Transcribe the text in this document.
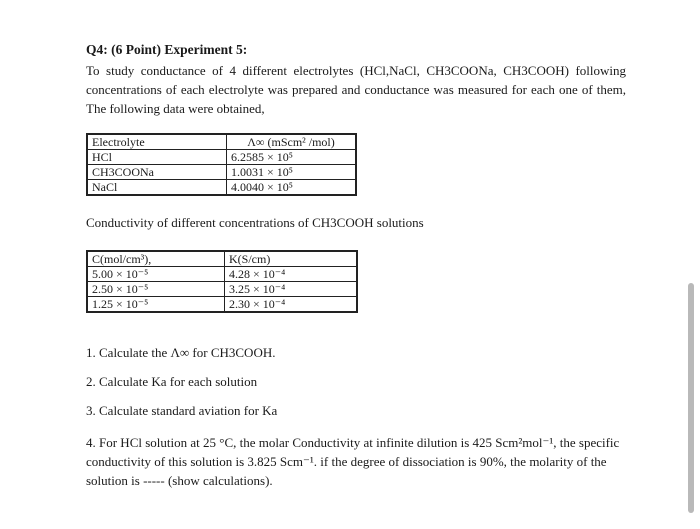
Q4: (6 Point) Experiment 5:
To study conductance of 4 different electrolytes (HCl,NaCl, CH3COONa, CH3COOH) following concentrations of each electrolyte was prepared and conductance was measured for each one of them, The following data were obtained,
Electrolyte	Λ∞ (mScm² /mol)
HCl	6.2585 × 10⁵
CH3COONa	1.0031 × 10⁵
NaCl	4.0040 × 10⁵
Conductivity of different concentrations of CH3COOH solutions
C(mol/cm³),	K(S/cm)
5.00 × 10⁻⁵	4.28 × 10⁻⁴
2.50 × 10⁻⁵	3.25 × 10⁻⁴
1.25 × 10⁻⁵	2.30 × 10⁻⁴
1. Calculate the Λ∞ for CH3COOH.
2. Calculate Ka for each solution
3. Calculate standard aviation for Ka
4. For HCl solution at 25 °C, the molar Conductivity at infinite dilution is 425 Scm²mol⁻¹, the specific conductivity of this solution is 3.825 Scm⁻¹. if the degree of dissociation is 90%, the molarity of the solution is ----- (show calculations).
